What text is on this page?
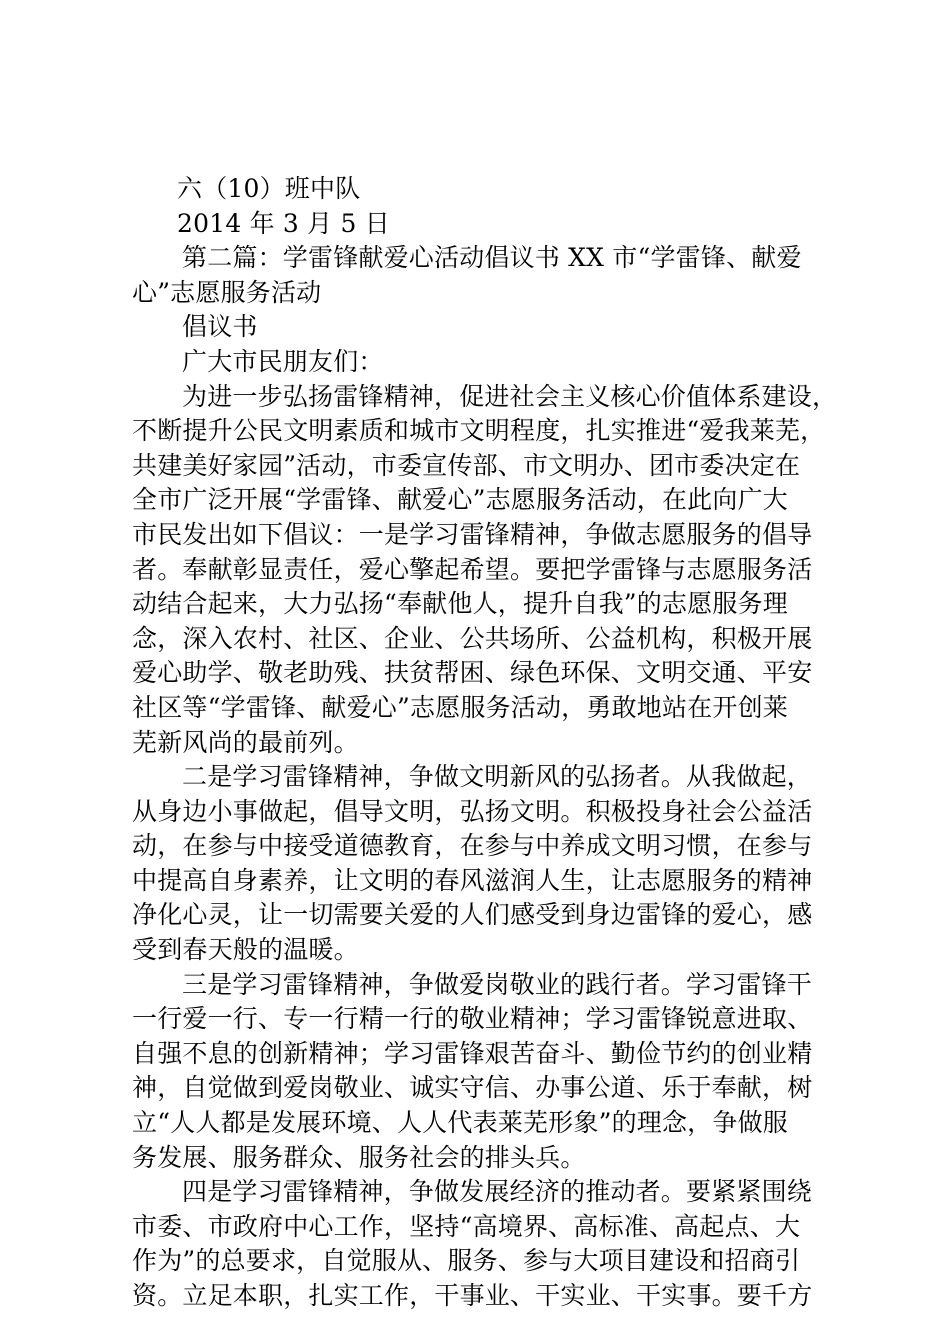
六（10）班中队
2014 年 3 月 5 日
第二篇：学雷锋献爱心活动倡议书 XX 市“学雷锋、献爱
心”志愿服务活动
倡议书
广大市民朋友们：
为进一步弘扬雷锋精神，促进社会主义核心价值体系建设，
不断提升公民文明素质和城市文明程度，扎实推进“爱我莱芜，
共建美好家园”活动，市委宣传部、市文明办、团市委决定在
全市广泛开展“学雷锋、献爱心”志愿服务活动，在此向广大
市民发出如下倡议：一是学习雷锋精神，争做志愿服务的倡导
者。奉献彰显责任，爱心擎起希望。要把学雷锋与志愿服务活
动结合起来，大力弘扬“奉献他人，提升自我”的志愿服务理
念，深入农村、社区、企业、公共场所、公益机构，积极开展
爱心助学、敬老助残、扶贫帮困、绿色环保、文明交通、平安
社区等“学雷锋、献爱心”志愿服务活动，勇敢地站在开创莱
芜新风尚的最前列。
二是学习雷锋精神，争做文明新风的弘扬者。从我做起，
从身边小事做起，倡导文明，弘扬文明。积极投身社会公益活
动，在参与中接受道德教育，在参与中养成文明习惯，在参与
中提高自身素养，让文明的春风滋润人生，让志愿服务的精神
净化心灵，让一切需要关爱的人们感受到身边雷锋的爱心，感
受到春天般的温暖。
三是学习雷锋精神，争做爱岗敬业的践行者。学习雷锋干
一行爱一行、专一行精一行的敬业精神；学习雷锋锐意进取、
自强不息的创新精神；学习雷锋艰苦奋斗、勤俭节约的创业精
神，自觉做到爱岗敬业、诚实守信、办事公道、乐于奉献，树
立“人人都是发展环境、人人代表莱芜形象”的理念，争做服
务发展、服务群众、服务社会的排头兵。
四是学习雷锋精神，争做发展经济的推动者。要紧紧围绕
市委、市政府中心工作，坚持“高境界、高标准、高起点、大
作为”的总要求，自觉服从、服务、参与大项目建设和招商引
资。立足本职，扎实工作，干事业、干实业、干实事。要千方
